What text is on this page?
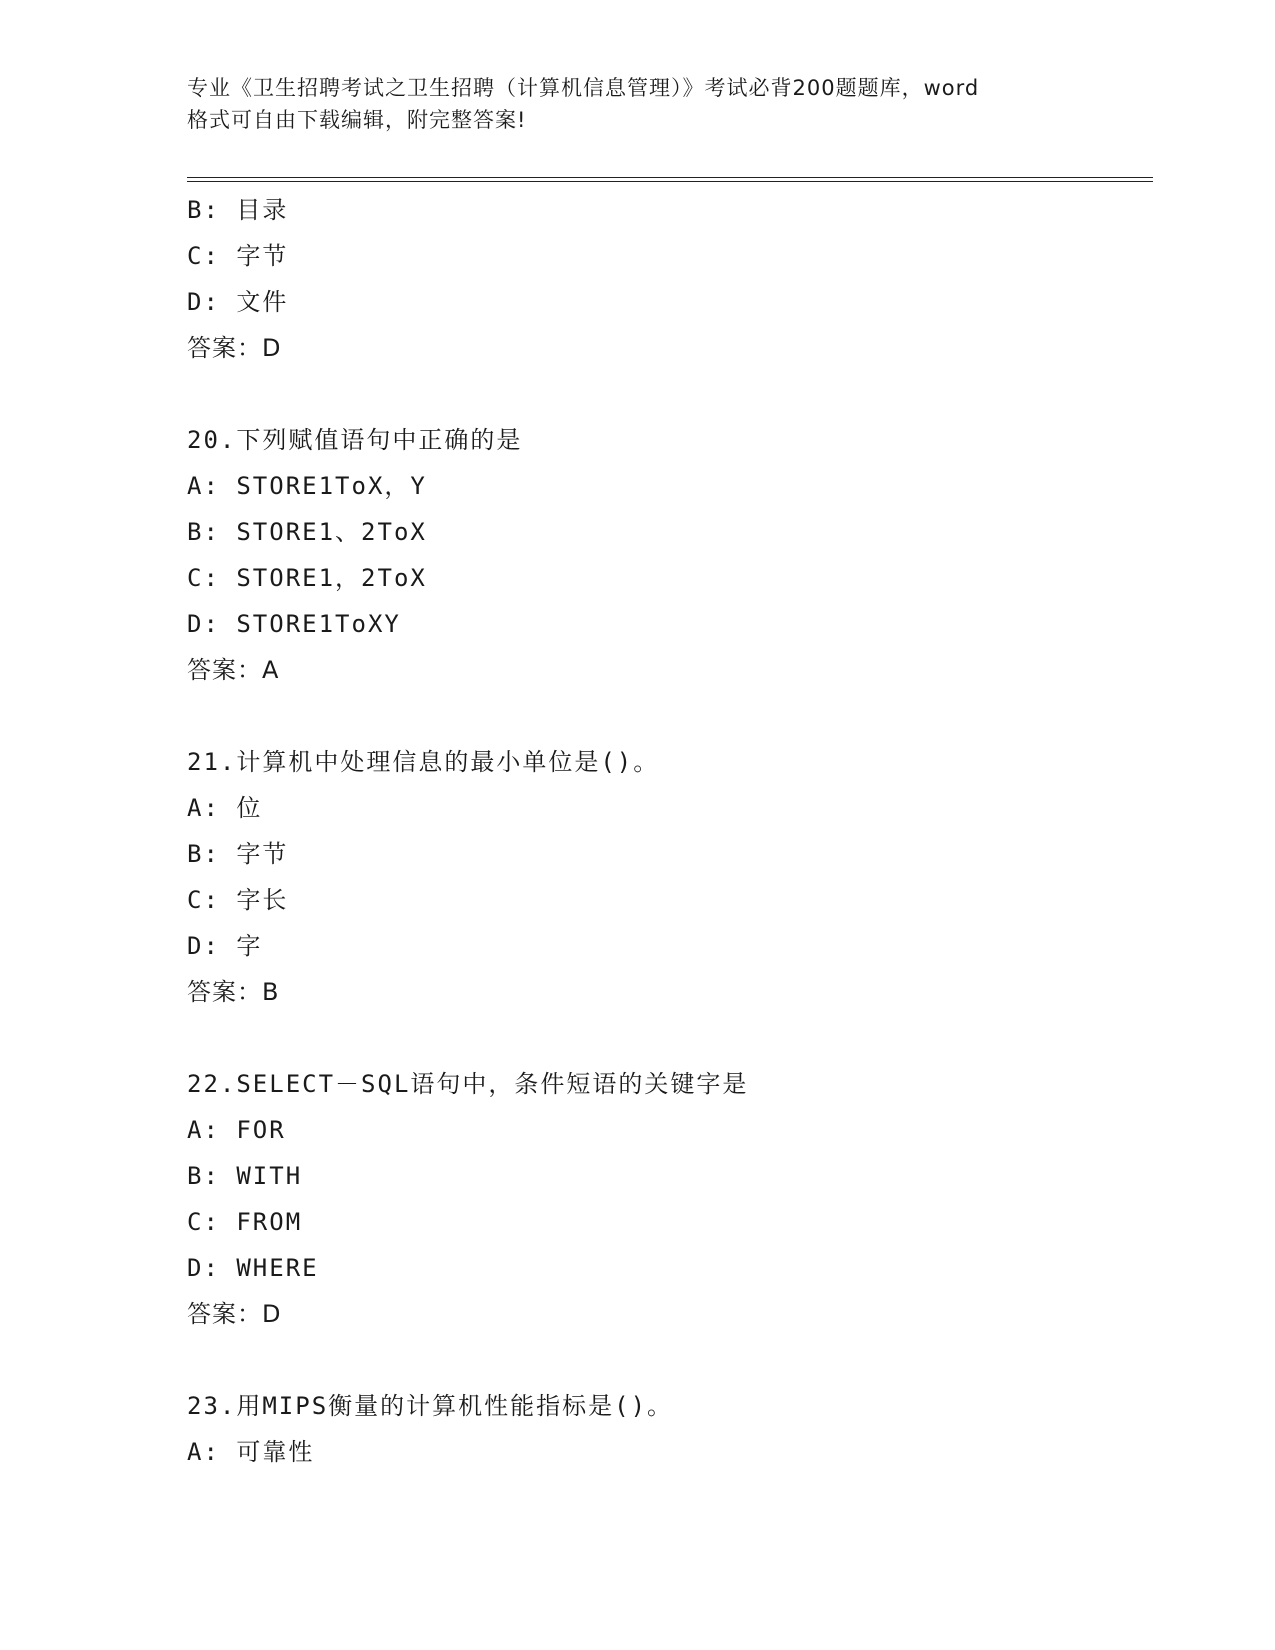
专业《卫生招聘考试之卫生招聘（计算机信息管理）》考试必背200题题库，word
格式可自由下载编辑，附完整答案!
B: 目录
C: 字节
D: 文件
答案：D
20.下列赋值语句中正确的是
A: STORE1ToX，Y
B: STORE1、2ToX
C: STORE1，2ToX
D: STORE1ToXY
答案：A
21.计算机中处理信息的最小单位是()。
A: 位
B: 字节
C: 字长
D: 字
答案：B
22.SELECT－SQL语句中，条件短语的关键字是
A: FOR
B: WITH
C: FROM
D: WHERE
答案：D
23.用MIPS衡量的计算机性能指标是()。
A: 可靠性
